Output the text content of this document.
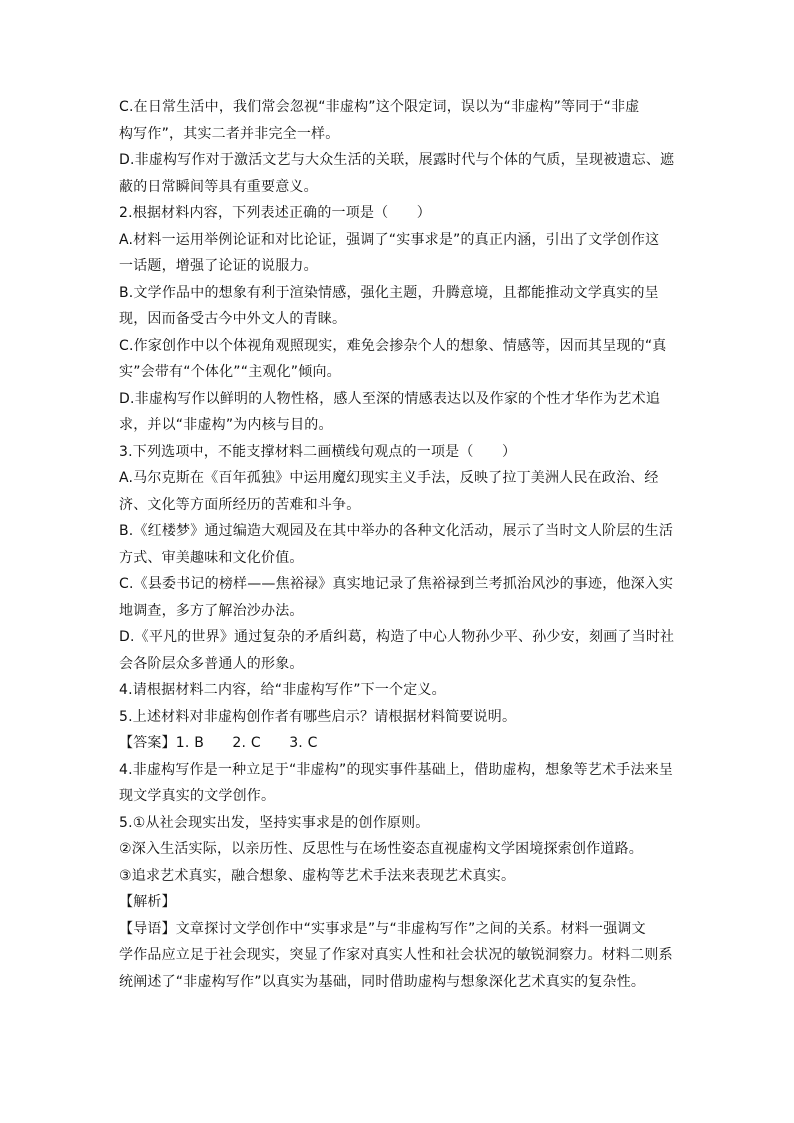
C.在日常生活中，我们常会忽视“非虚构”这个限定词，误以为“非虚构”等同于“非虚
构写作”，其实二者并非完全一样。
D.非虚构写作对于激活文艺与大众生活的关联，展露时代与个体的气质，呈现被遗忘、遮
蔽的日常瞬间等具有重要意义。
2.根据材料内容，下列表述正确的一项是（　　）
A.材料一运用举例论证和对比论证，强调了“实事求是”的真正内涵，引出了文学创作这
一话题，增强了论证的说服力。
B.文学作品中的想象有利于渲染情感，强化主题，升腾意境，且都能推动文学真实的呈
现，因而备受古今中外文人的青睐。
C.作家创作中以个体视角观照现实，难免会掺杂个人的想象、情感等，因而其呈现的“真
实”会带有“个体化”“主观化”倾向。
D.非虚构写作以鲜明的人物性格，感人至深的情感表达以及作家的个性才华作为艺术追
求，并以“非虚构”为内核与目的。
3.下列选项中，不能支撑材料二画横线句观点的一项是（　　）
A.马尔克斯在《百年孤独》中运用魔幻现实主义手法，反映了拉丁美洲人民在政治、经
济、文化等方面所经历的苦难和斗争。
B.《红楼梦》通过编造大观园及在其中举办的各种文化活动，展示了当时文人阶层的生活
方式、审美趣味和文化价值。
C.《县委书记的榜样——焦裕禄》真实地记录了焦裕禄到兰考抓治风沙的事迹，他深入实
地调查，多方了解治沙办法。
D.《平凡的世界》通过复杂的矛盾纠葛，构造了中心人物孙少平、孙少安，刻画了当时社
会各阶层众多普通人的形象。
4.请根据材料二内容，给“非虚构写作”下一个定义。
5.上述材料对非虚构创作者有哪些启示？请根据材料简要说明。
【答案】1. B　　2. C　　3. C
4.非虚构写作是一种立足于“非虚构”的现实事件基础上，借助虚构，想象等艺术手法来呈
现文学真实的文学创作。
5.①从社会现实出发，坚持实事求是的创作原则。
②深入生活实际，以亲历性、反思性与在场性姿态直视虚构文学困境探索创作道路。
③追求艺术真实，融合想象、虚构等艺术手法来表现艺术真实。
【解析】
【导语】文章探讨文学创作中“实事求是”与“非虚构写作”之间的关系。材料一强调文
学作品应立足于社会现实，突显了作家对真实人性和社会状况的敏锐洞察力。材料二则系
统阐述了“非虚构写作”以真实为基础，同时借助虚构与想象深化艺术真实的复杂性。
